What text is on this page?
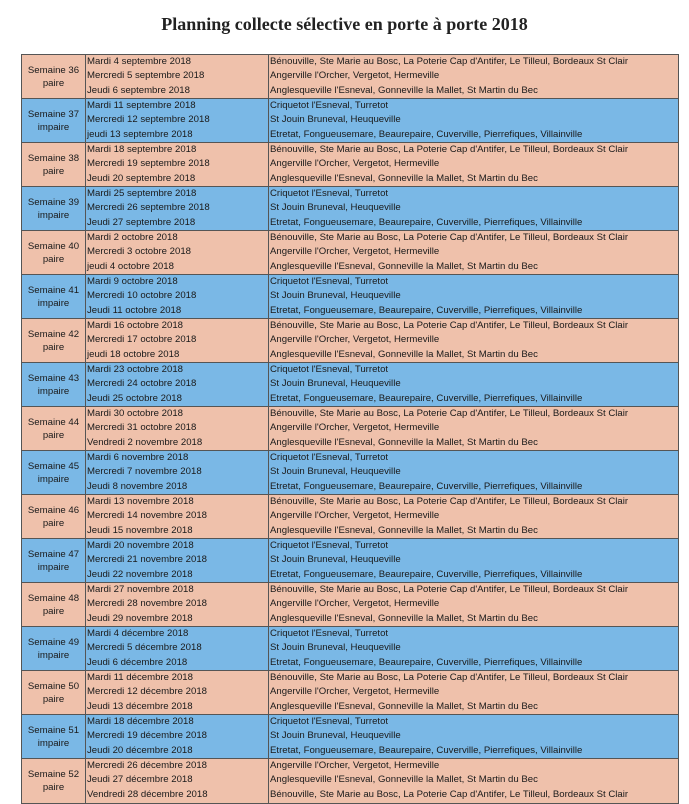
Planning collecte sélective en porte à porte 2018
Semaine 36
paire
Mardi 4 septembre 2018
Mercredi 5 septembre 2018
Jeudi 6 septembre 2018
Bénouville, Ste Marie au Bosc, La Poterie Cap d'Antifer, Le Tilleul, Bordeaux St Clair
Angerville l'Orcher, Vergetot, Hermeville
Anglesqueville l'Esneval, Gonneville la Mallet, St Martin du Bec
Semaine 37
impaire
Mardi 11 septembre 2018
Mercredi 12 septembre 2018
jeudi 13 septembre 2018
Criquetot l'Esneval, Turretot
St Jouin Bruneval, Heuqueville
Etretat, Fongueusemare, Beaurepaire, Cuverville, Pierrefiques, Villainville
Semaine 38
paire
Mardi 18 septembre 2018
Mercredi 19 septembre 2018
Jeudi 20 septembre 2018
Bénouville, Ste Marie au Bosc, La Poterie Cap d'Antifer, Le Tilleul, Bordeaux St Clair
Angerville l'Orcher, Vergetot, Hermeville
Anglesqueville l'Esneval, Gonneville la Mallet, St Martin du Bec
Semaine 39
impaire
Mardi 25 septembre 2018
Mercredi 26 septembre 2018
Jeudi 27 septembre 2018
Criquetot l'Esneval, Turretot
St Jouin Bruneval, Heuqueville
Etretat, Fongueusemare, Beaurepaire, Cuverville, Pierrefiques, Villainville
Semaine 40
paire
Mardi 2 octobre 2018
Mercredi 3 octobre 2018
jeudi 4 octobre 2018
Bénouville, Ste Marie au Bosc, La Poterie Cap d'Antifer, Le Tilleul, Bordeaux St Clair
Angerville l'Orcher, Vergetot, Hermeville
Anglesqueville l'Esneval, Gonneville la Mallet, St Martin du Bec
Semaine 41
impaire
Mardi 9 octobre 2018
Mercredi 10 octobre 2018
Jeudi 11 octobre 2018
Criquetot l'Esneval, Turretot
St Jouin Bruneval, Heuqueville
Etretat, Fongueusemare, Beaurepaire, Cuverville, Pierrefiques, Villainville
Semaine 42
paire
Mardi 16 octobre 2018
Mercredi 17 octobre 2018
jeudi 18 octobre 2018
Bénouville, Ste Marie au Bosc, La Poterie Cap d'Antifer, Le Tilleul, Bordeaux St Clair
Angerville l'Orcher, Vergetot, Hermeville
Anglesqueville l'Esneval, Gonneville la Mallet, St Martin du Bec
Semaine 43
impaire
Mardi 23 octobre 2018
Mercredi 24 octobre 2018
Jeudi 25 octobre 2018
Criquetot l'Esneval, Turretot
St Jouin Bruneval, Heuqueville
Etretat, Fongueusemare, Beaurepaire, Cuverville, Pierrefiques, Villainville
Semaine 44
paire
Mardi 30 octobre 2018
Mercredi 31 octobre 2018
Vendredi 2 novembre 2018
Bénouville, Ste Marie au Bosc, La Poterie Cap d'Antifer, Le Tilleul, Bordeaux St Clair
Angerville l'Orcher, Vergetot, Hermeville
Anglesqueville l'Esneval, Gonneville la Mallet, St Martin du Bec
Semaine 45
impaire
Mardi 6 novembre 2018
Mercredi 7 novembre 2018
Jeudi 8 novembre 2018
Criquetot l'Esneval, Turretot
St Jouin Bruneval, Heuqueville
Etretat, Fongueusemare, Beaurepaire, Cuverville, Pierrefiques, Villainville
Semaine 46
paire
Mardi 13 novembre 2018
Mercredi 14 novembre 2018
Jeudi 15 novembre 2018
Bénouville, Ste Marie au Bosc, La Poterie Cap d'Antifer, Le Tilleul, Bordeaux St Clair
Angerville l'Orcher, Vergetot, Hermeville
Anglesqueville l'Esneval, Gonneville la Mallet, St Martin du Bec
Semaine 47
impaire
Mardi 20 novembre 2018
Mercredi 21 novembre 2018
Jeudi 22 novembre 2018
Criquetot l'Esneval, Turretot
St Jouin Bruneval, Heuqueville
Etretat, Fongueusemare, Beaurepaire, Cuverville, Pierrefiques, Villainville
Semaine 48
paire
Mardi 27 novembre 2018
Mercredi 28 novembre 2018
Jeudi 29 novembre 2018
Bénouville, Ste Marie au Bosc, La Poterie Cap d'Antifer, Le Tilleul, Bordeaux St Clair
Angerville l'Orcher, Vergetot, Hermeville
Anglesqueville l'Esneval, Gonneville la Mallet, St Martin du Bec
Semaine 49
impaire
Mardi 4 décembre 2018
Mercredi 5 décembre 2018
Jeudi 6 décembre 2018
Criquetot l'Esneval, Turretot
St Jouin Bruneval, Heuqueville
Etretat, Fongueusemare, Beaurepaire, Cuverville, Pierrefiques, Villainville
Semaine 50
paire
Mardi 11 décembre 2018
Mercredi 12 décembre 2018
Jeudi 13 décembre 2018
Bénouville, Ste Marie au Bosc, La Poterie Cap d'Antifer, Le Tilleul, Bordeaux St Clair
Angerville l'Orcher, Vergetot, Hermeville
Anglesqueville l'Esneval, Gonneville la Mallet, St Martin du Bec
Semaine 51
impaire
Mardi 18 décembre 2018
Mercredi 19 décembre 2018
Jeudi 20 décembre 2018
Criquetot l'Esneval, Turretot
St Jouin Bruneval, Heuqueville
Etretat, Fongueusemare, Beaurepaire, Cuverville, Pierrefiques, Villainville
Semaine 52
paire
Mercredi 26 décembre 2018
Jeudi 27 décembre 2018
Vendredi 28 décembre 2018
Angerville l'Orcher, Vergetot, Hermeville
Anglesqueville l'Esneval, Gonneville la Mallet, St Martin du Bec
Bénouville, Ste Marie au Bosc, La Poterie Cap d'Antifer, Le Tilleul, Bordeaux St Clair
